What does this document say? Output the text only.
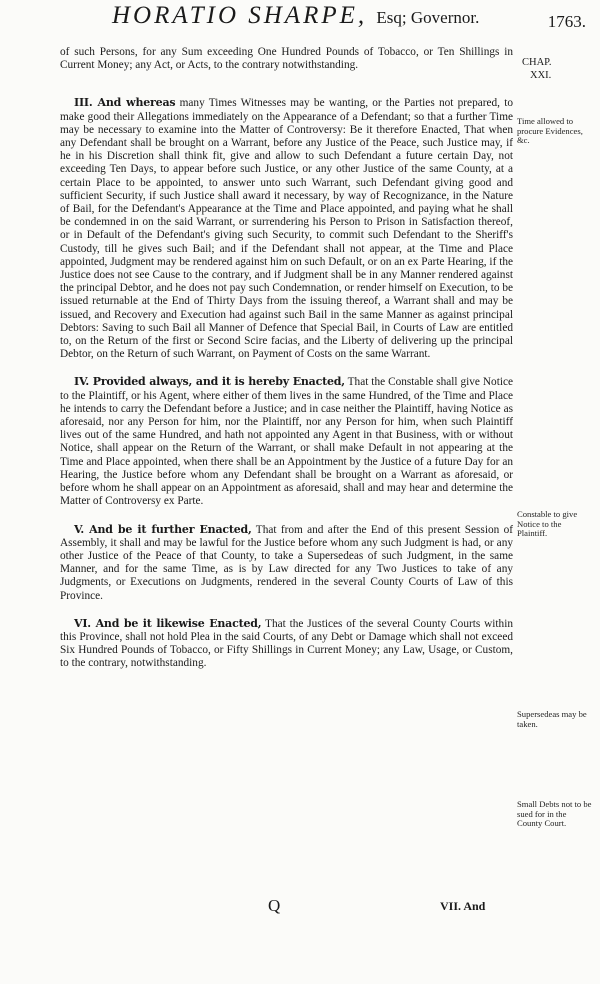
HORATIO SHARPE, Esq; Governor.	1763.
CHAP.
XXI.

of such Persons, for any Sum exceeding One Hundred Pounds of Tobacco, or Ten Shillings in Current Money; any Act, or Acts, to the contrary notwithstanding.

III. And whereas many Times Witnesses may be wanting, or the Parties not prepared, to make good their Allegations immediately on the Appearance of a Defendant; so that a further Time may be necessary to examine into the Matter of Controversy: Be it therefore Enacted, That when any Defendant shall be brought on a Warrant, before any Justice of the Peace, such Justice may, if he in his Discretion shall think fit, give and allow to such Defendant a future certain Day, not exceeding Ten Days, to appear before such Justice, or any other Justice of the same County, at a certain Place to be appointed, to answer unto such Warrant, such Defendant giving good and sufficient Security, if such Justice shall award it necessary, by way of Recognizance, in the Nature of Bail, for the Defendant's Appearance at the Time and Place appointed, and paying what he shall be condemned in on the said Warrant, or surrendering his Person to Prison in Satisfaction thereof, or in Default of the Defendant's giving such Security, to commit such Defendant to the Sheriff's Custody, till he gives such Bail; and if the Defendant shall not appear, at the Time and Place appointed, Judgment may be rendered against him on such Default, or on an ex Parte Hearing, if the Justice does not see Cause to the contrary, and if Judgment shall be in any Manner rendered against the principal Debtor, and he does not pay such Condemnation, or render himself on Execution, to be issued returnable at the End of Thirty Days from the issuing thereof, a Warrant shall and may be issued, and Recovery and Execution had against such Bail in the same Manner as against principal Debtors: Saving to such Bail all Manner of Defence that Special Bail, in Courts of Law are entitled to, on the Return of the first or Second Scire facias, and the Liberty of delivering up the principal Debtor, on the Return of such Warrant, on Payment of Costs on the same Warrant.

IV. Provided always, and it is hereby Enacted, That the Constable shall give Notice to the Plaintiff, or his Agent, where either of them lives in the same Hundred, of the Time and Place he intends to carry the Defendant before a Justice; and in case neither the Plaintiff, having Notice as aforesaid, nor any Person for him, nor the Plaintiff, nor any Person for him, when such Plaintiff lives out of the same Hundred, and hath not appointed any Agent in that Business, with or without Notice, shall appear on the Return of the Warrant, or shall make Default in not appearing at the Time and Place appointed, when there shall be an Appointment by the Justice of a future Day for an Hearing, the Justice before whom any Defendant shall be brought on a Warrant as aforesaid, or before whom he shall appear on an Appointment as aforesaid, shall and may hear and determine the Matter of Controversy ex Parte.

V. And be it further Enacted, That from and after the End of this present Session of Assembly, it shall and may be lawful for the Justice before whom any such Judgment is had, or any other Justice of the Peace of that County, to take a Supersedeas of such Judgment, in the same Manner, and for the same Time, as is by Law directed for any Two Justices to take of any Judgments, or Executions on Judgments, rendered in the several County Courts of Law of this Province.

VI. And be it likewise Enacted, That the Justices of the several County Courts within this Province, shall not hold Plea in the said Courts, of any Debt or Damage which shall not exceed Six Hundred Pounds of Tobacco, or Fifty Shillings in Current Money; any Law, Usage, or Custom, to the contrary, notwithstanding.

Time allowed to procure Evidences, &c.
Constable to give Notice to the Plaintiff.
Supersedeas may be taken.
Small Debts not to be sued for in the County Court.
Q	VII. And
